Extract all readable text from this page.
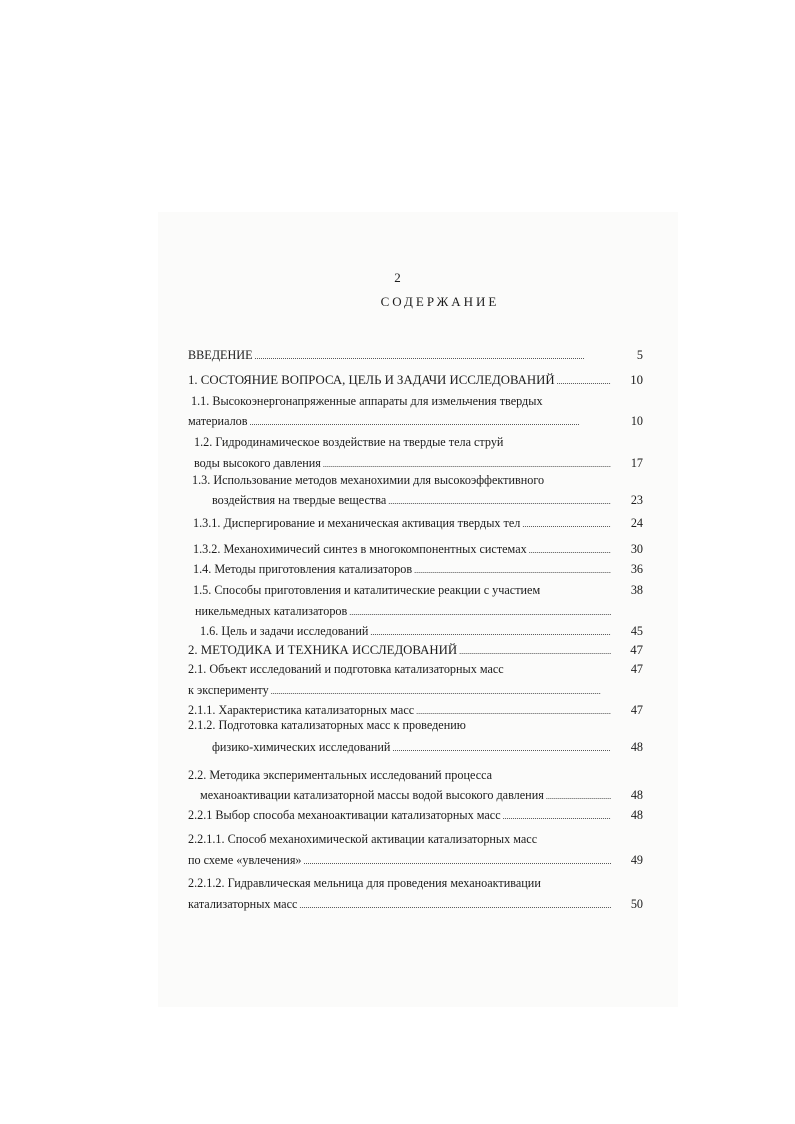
2
СОДЕРЖАНИЕ
ВВЕДЕНИЕ . . .	5
1. СОСТОЯНИЕ ВОПРОСА, ЦЕЛЬ И ЗАДАЧИ ИССЛЕДОВАНИЙ . . .	10
1.1. Высокоэнергонапряженные аппараты для измельчения твердых
материалов . . .	10
1.2. Гидродинамическое воздействие на твердые тела струй
воды высокого давления . . .	17
1.3. Использование методов механохимии для высокоэффективного
воздействия на твердые вещества . . .	23
1.3.1. Диспергирование и механическая активация твердых тел . . .	24
1.3.2. Механохимичесий синтез в многокомпонентных системах . . .	30
1.4. Методы приготовления катализаторов . . .	36
1.5. Способы приготовления и каталитические реакции с участием	38
никельмедных катализаторов
. . .
1.6. Цель и задачи исследований . . .	45
2. МЕТОДИКА И ТЕХНИКА ИССЛЕДОВАНИЙ . . .	47
2.1. Объект исследований и подготовка катализаторных масс	47
к эксперименту
. . .
2.1.1. Характеристика катализаторных масс . . .	47
2.1.2. Подготовка катализаторных масс к проведению
физико-химических исследований . . .	48
2.2. Методика экспериментальных исследований процесса
механоактивации катализаторной массы водой высокого давления . . .	48
2.2.1 Выбор способа механоактивации катализаторных масс . . .	48
2.2.1.1. Способ механохимической активации катализаторных масс
по схеме «увлечения» . . .	49
2.2.1.2. Гидравлическая мельница для проведения механоактивации
катализаторных масс . . .	50
